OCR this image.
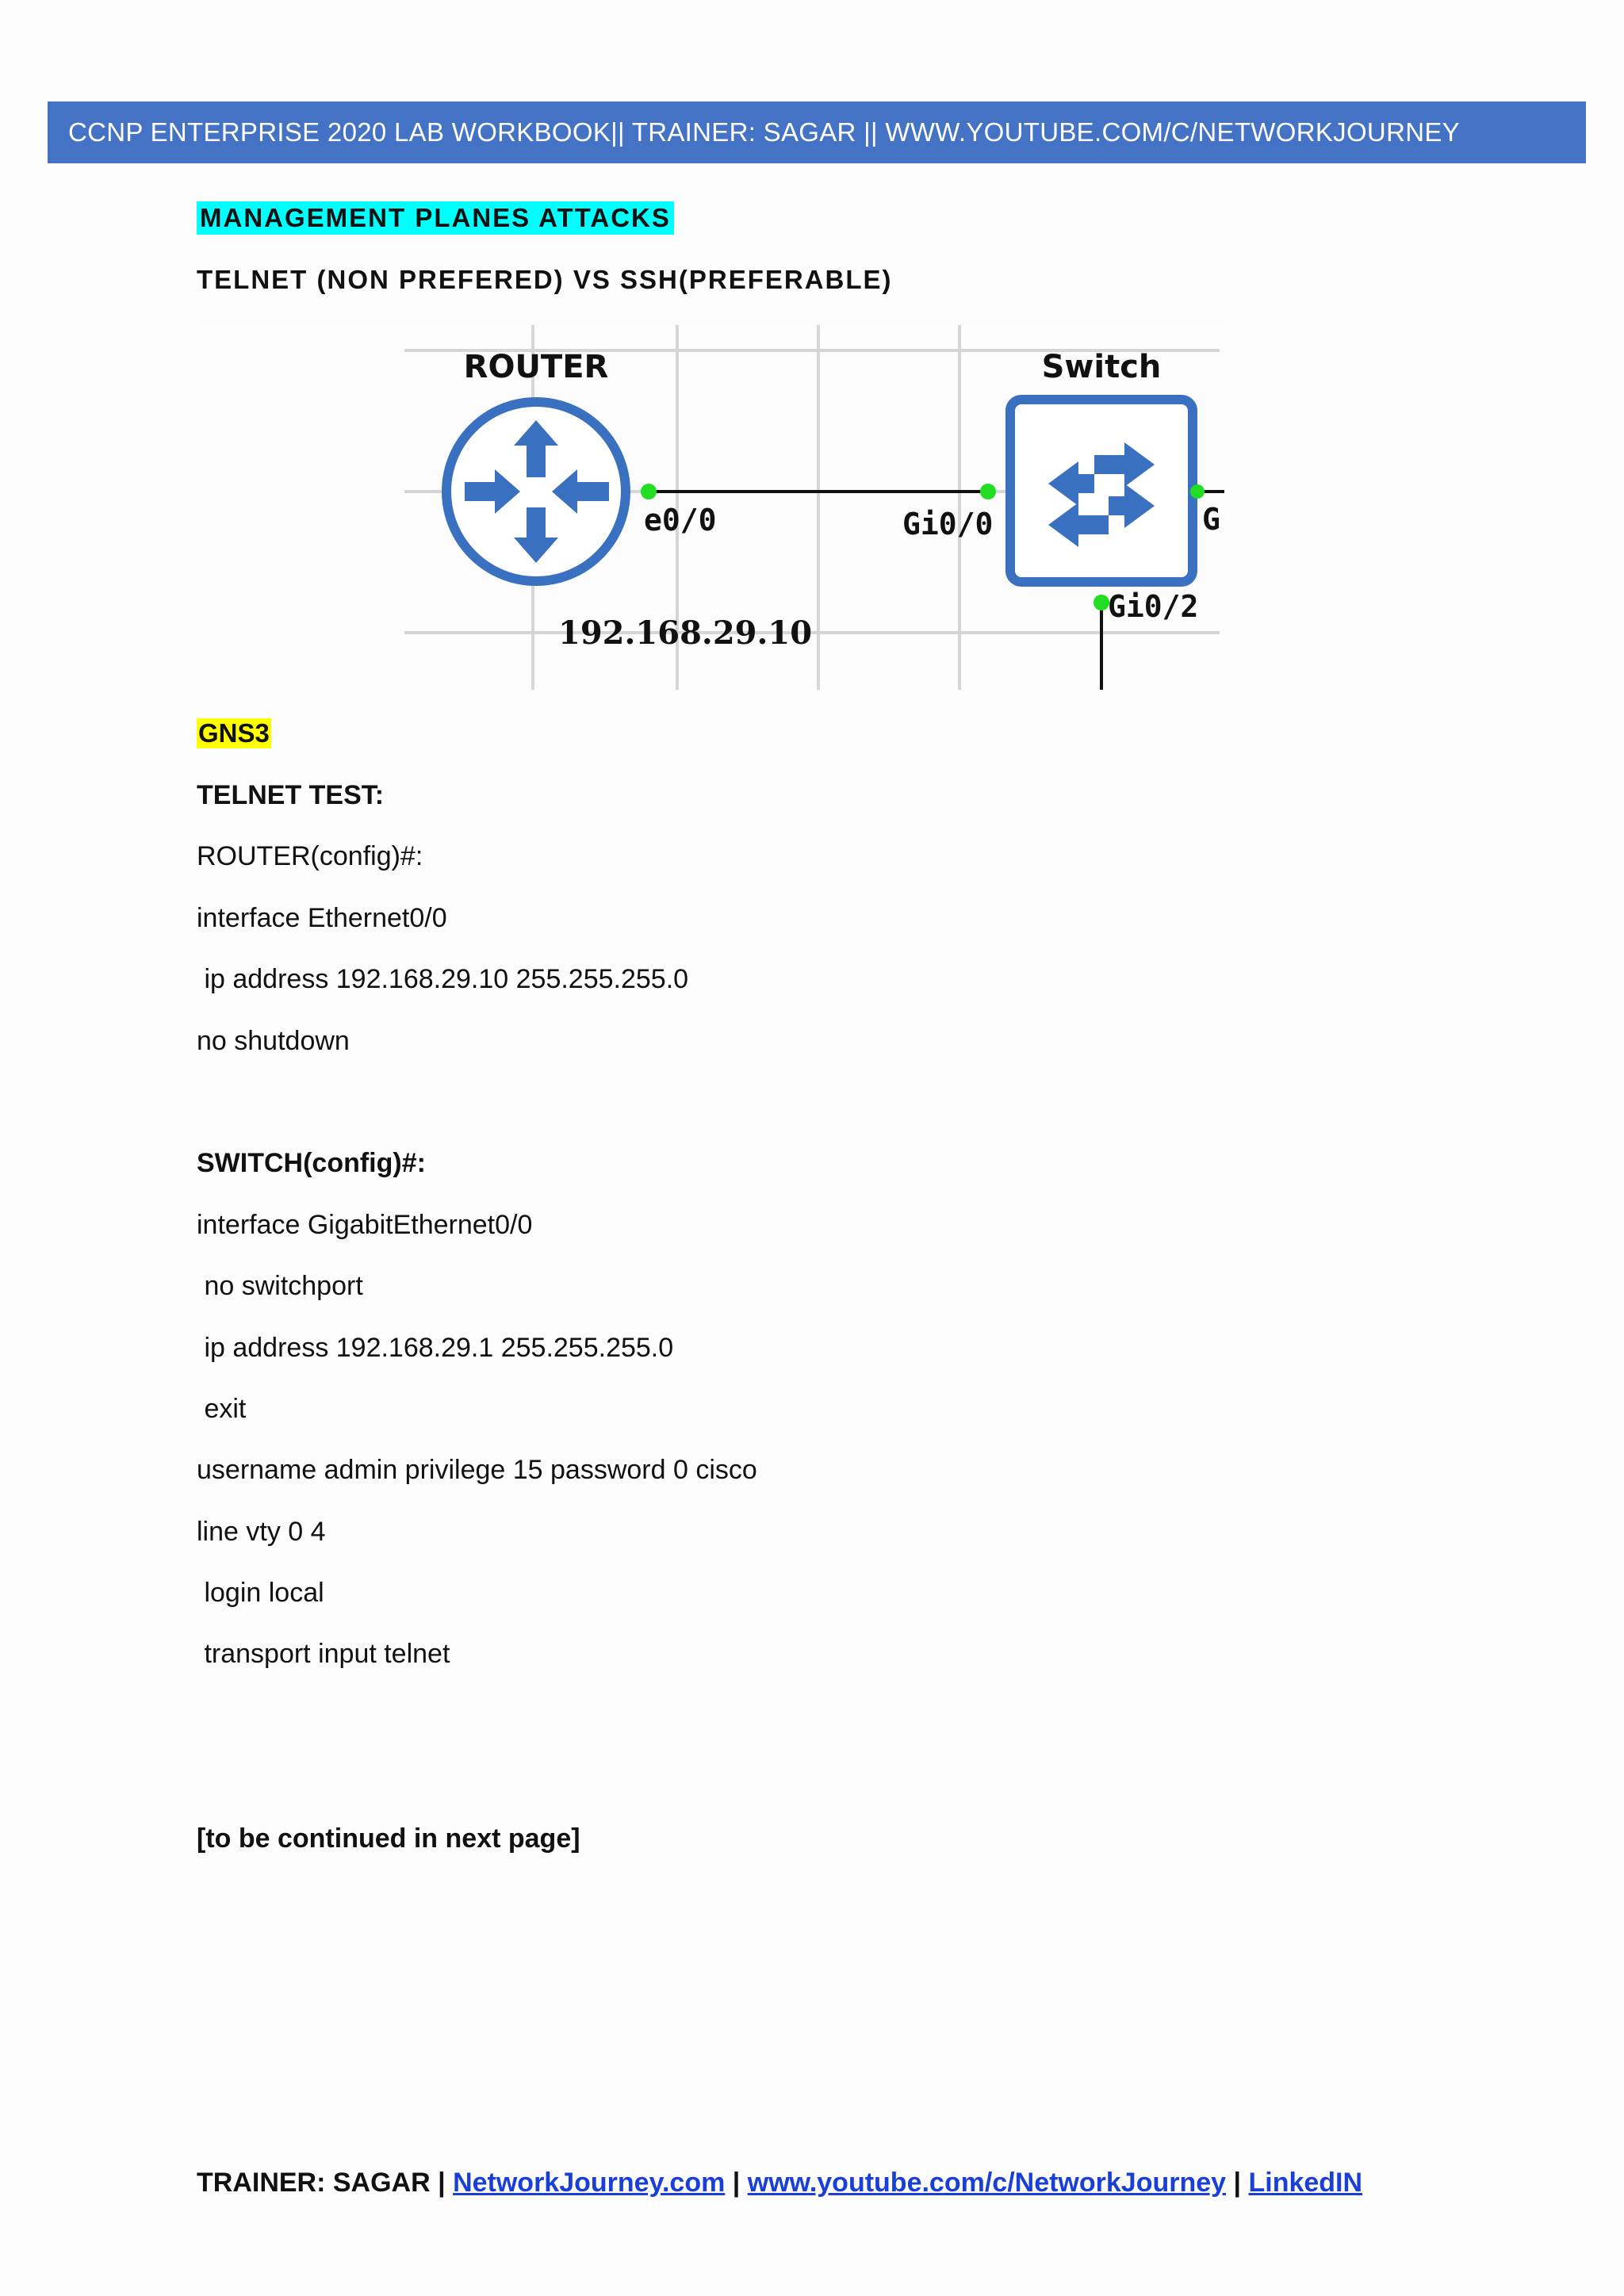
CCNP ENTERPRISE 2020 LAB WORKBOOK|| TRAINER: SAGAR || WWW.YOUTUBE.COM/C/NETWORKJOURNEY
MANAGEMENT PLANES ATTACKS
TELNET (NON PREFERED) VS SSH(PREFERABLE)
ROUTER	Switch
e0/0	Gi0/0
Gi0/2
G
192.168.29.10
GNS3
TELNET TEST:
ROUTER(config)#:
interface Ethernet0/0
ip address 192.168.29.10 255.255.255.0
no shutdown
SWITCH(config)#:
interface GigabitEthernet0/0
no switchport
ip address 192.168.29.1 255.255.255.0
exit
username admin privilege 15 password 0 cisco
line vty 0 4
login local
transport input telnet
[to be continued in next page]
TRAINER: SAGAR | NetworkJourney.com | www.youtube.com/c/NetworkJourney | LinkedIN
